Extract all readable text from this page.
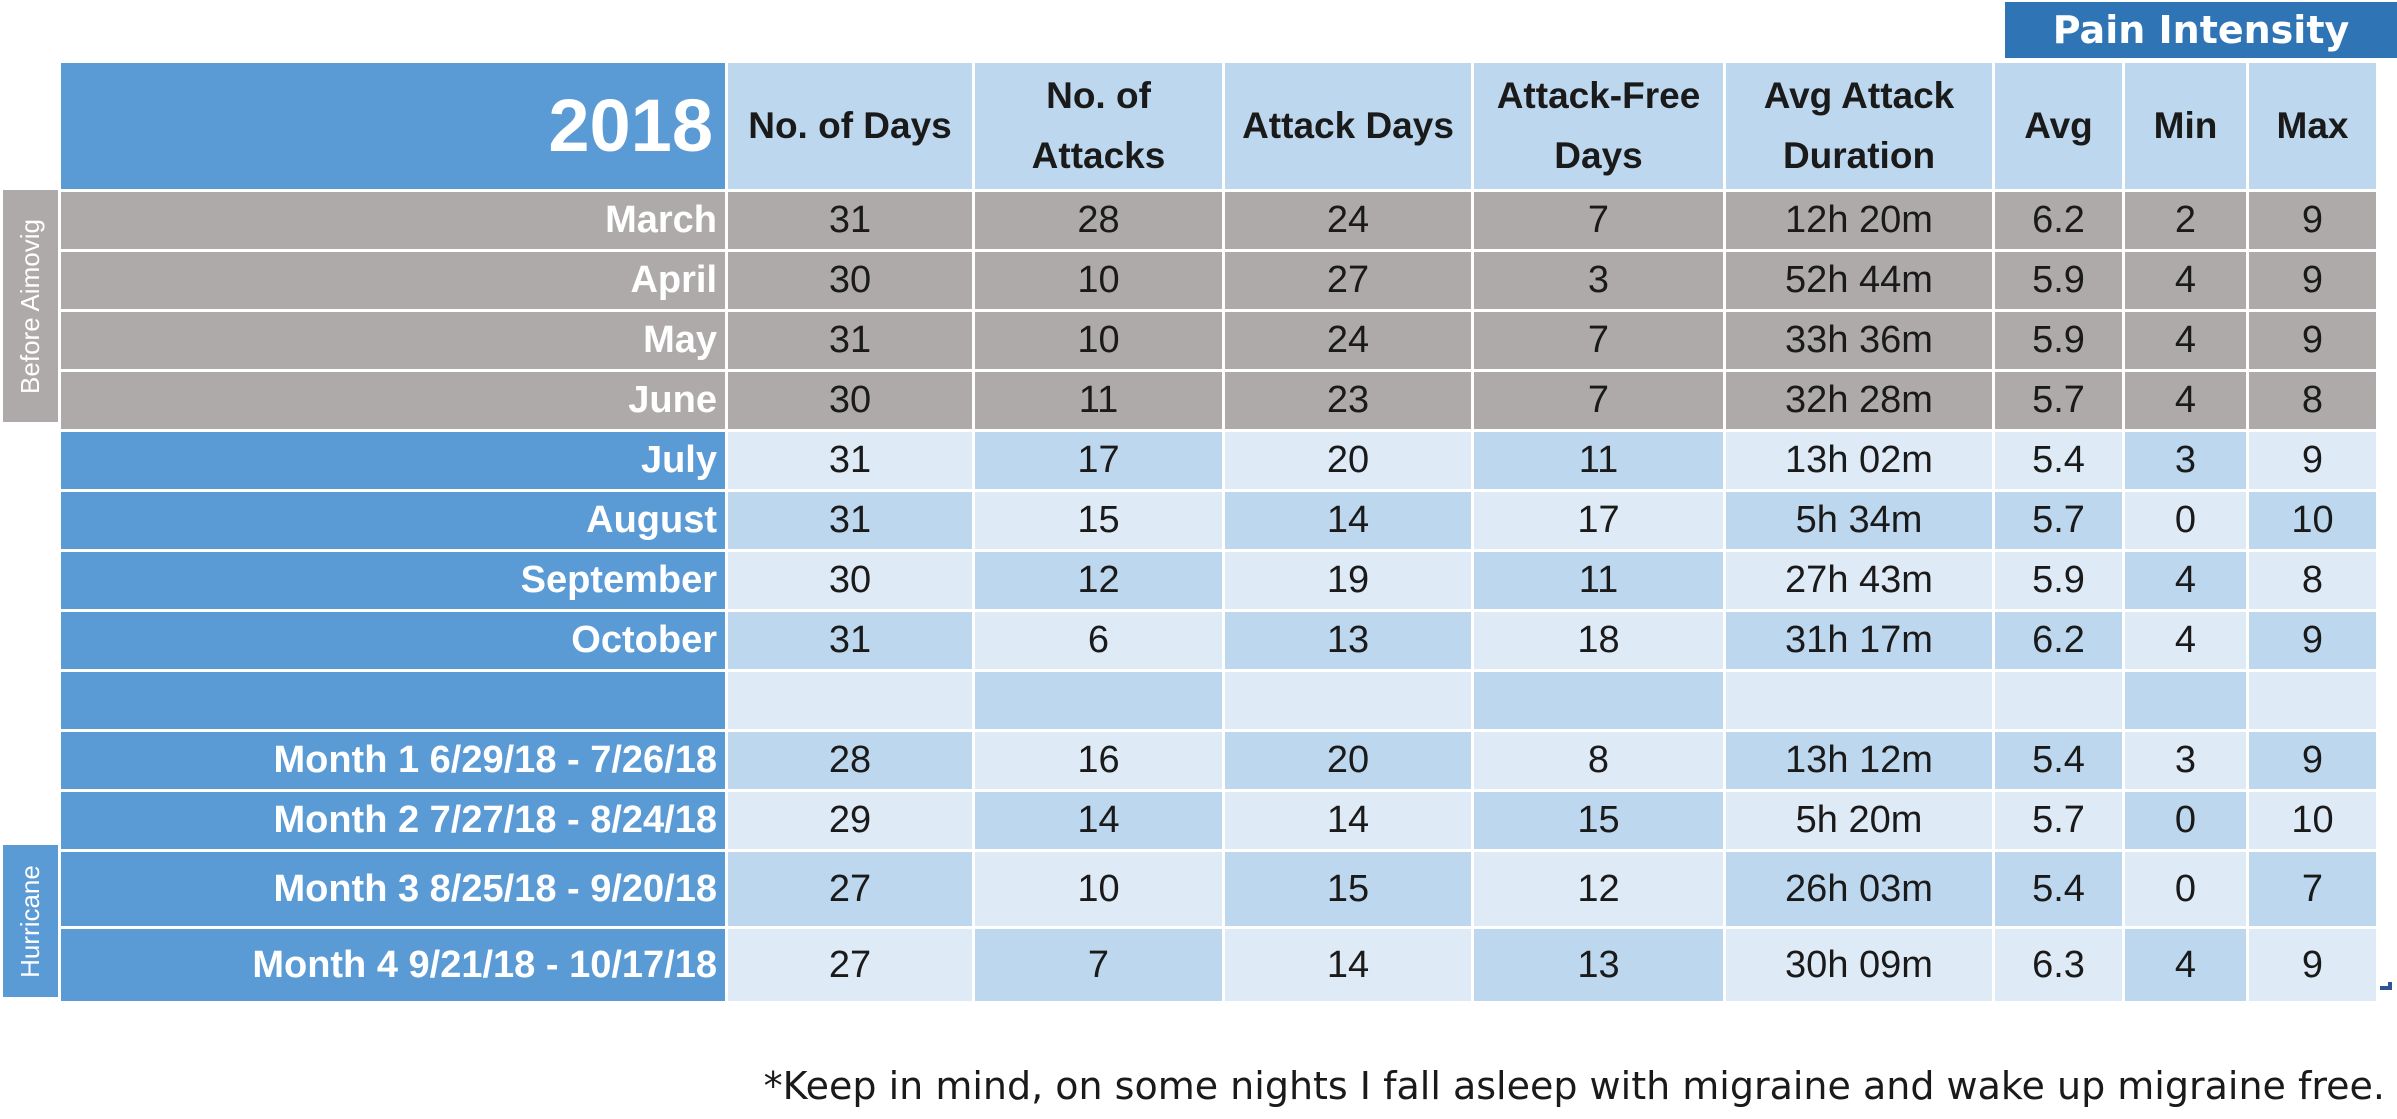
Pain Intensity
2018	No. of Days	No. of Attacks	Attack Days	Attack-Free Days	Avg Attack Duration	Avg	Min	Max
March	31	28	24	7	12h 20m	6.2	2	9
April	30	10	27	3	52h 44m	5.9	4	9
May	31	10	24	7	33h 36m	5.9	4	9
June	30	11	23	7	32h 28m	5.7	4	8
July	31	17	20	11	13h 02m	5.4	3	9
August	31	15	14	17	5h 34m	5.7	0	10
September	30	12	19	11	27h 43m	5.9	4	8
October	31	6	13	18	31h 17m	6.2	4	9

Month 1 6/29/18 - 7/26/18	28	16	20	8	13h 12m	5.4	3	9
Month 2 7/27/18 - 8/24/18	29	14	14	15	5h 20m	5.7	0	10
Month 3 8/25/18 - 9/20/18	27	10	15	12	26h 03m	5.4	0	7
Month 4 9/21/18 - 10/17/18	27	7	14	13	30h 09m	6.3	4	9
Before Aimovig
Hurricane
*Keep in mind, on some nights I fall asleep with migraine and wake up migraine free.
